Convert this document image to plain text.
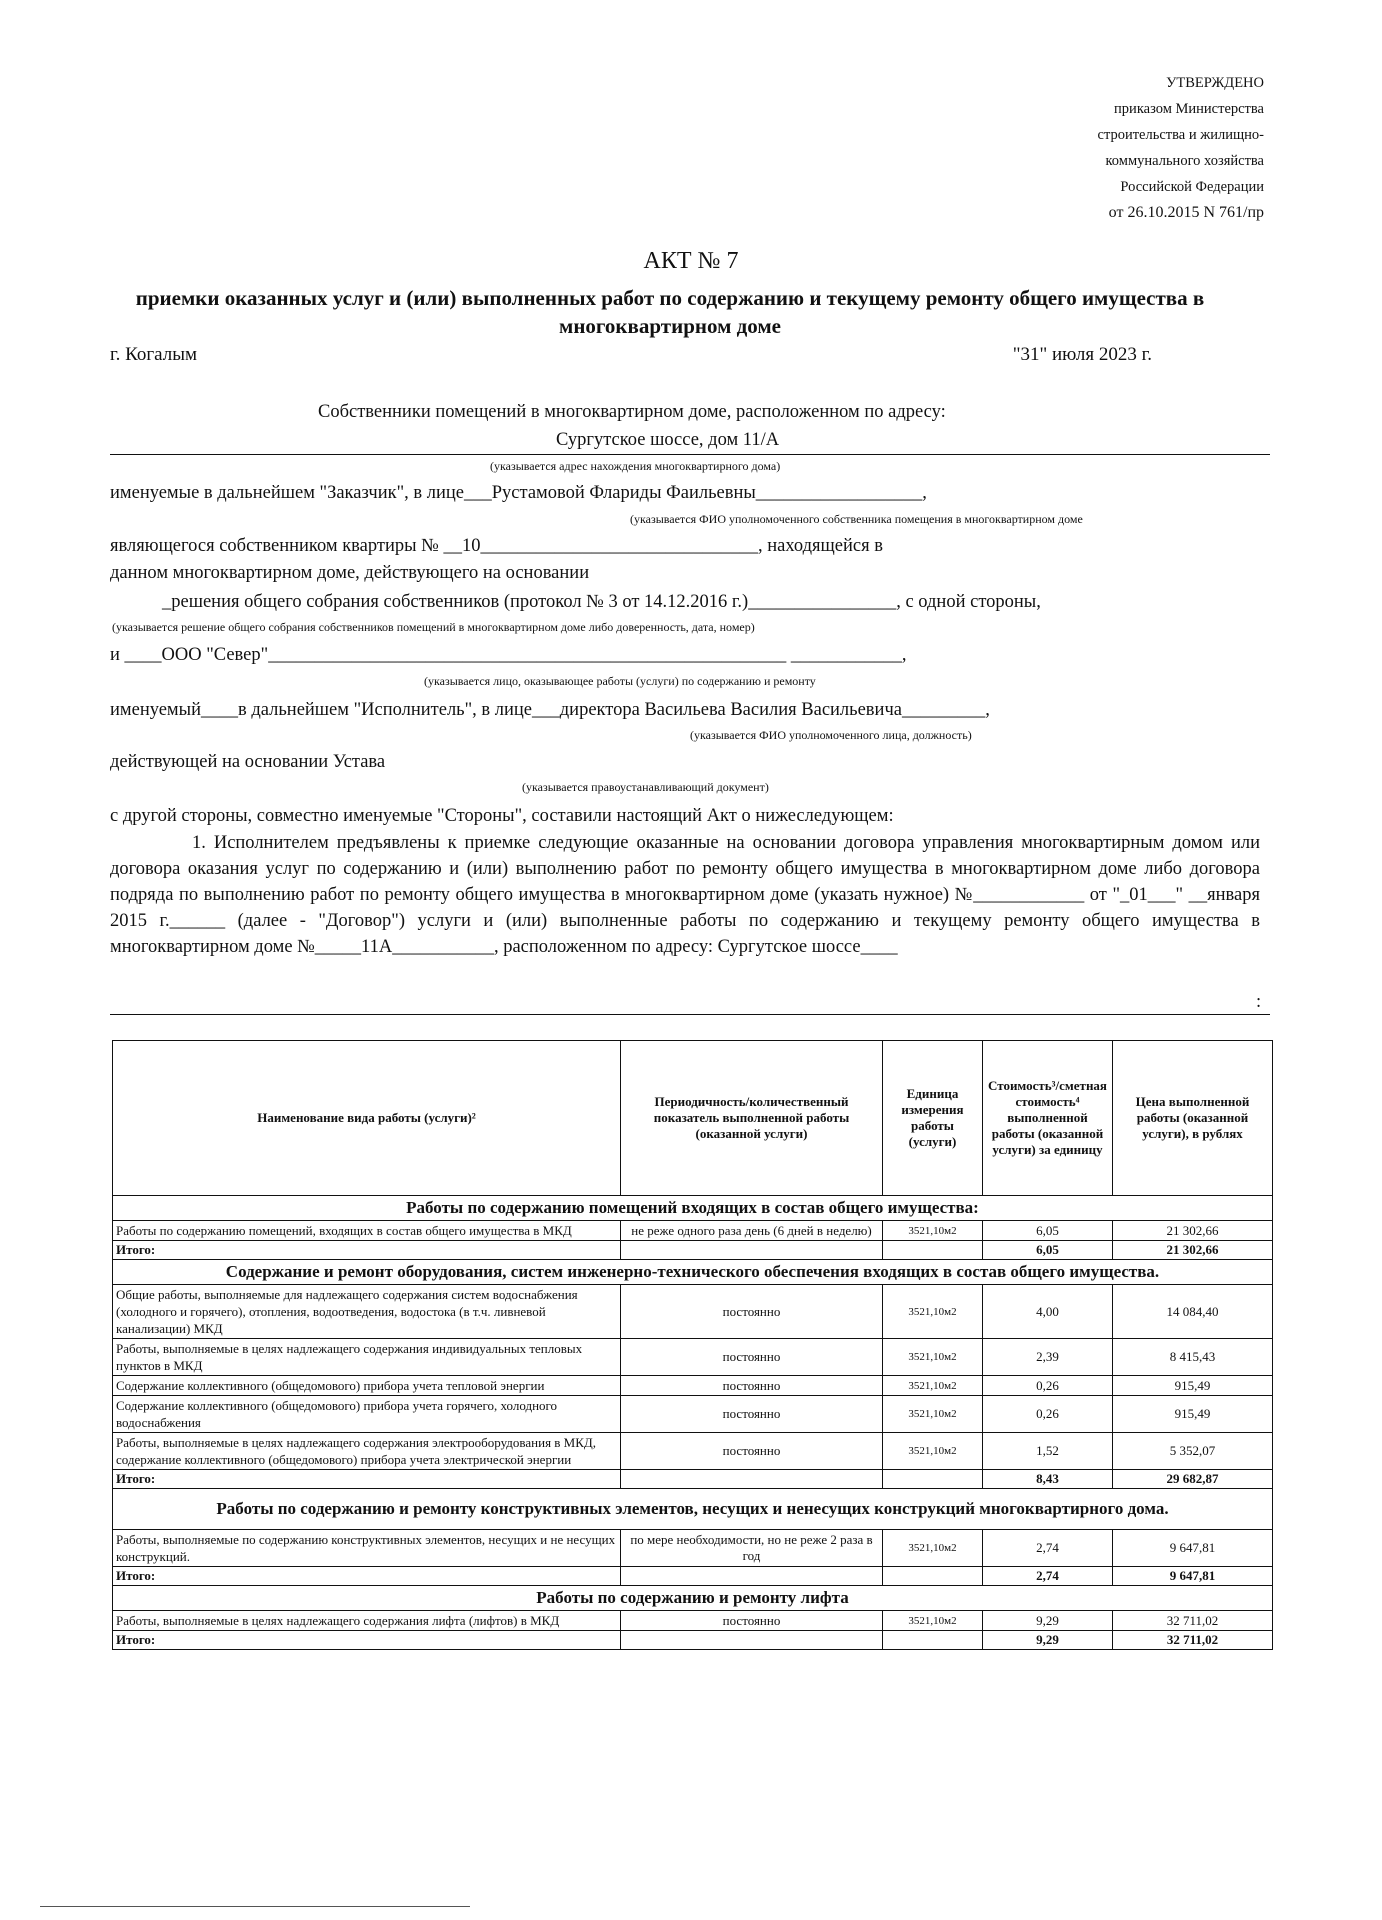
УТВЕРЖДЕНО
приказом Министерства
строительства и жилищно-
коммунального хозяйства
Российской Федерации
от 26.10.2015 N 761/пр
АКТ № 7
приемки оказанных услуг и (или) выполненных работ по содержанию и текущему ремонту общего имущества в многоквартирном доме
г. Когалым	"31" июля 2023 г.
Собственники помещений в многоквартирном доме, расположенном по адресу:
Сургутское шоссе, дом 11/А
(указывается адрес нахождения многоквартирного дома)
именуемые в дальнейшем "Заказчик", в лице___Рустамовой Флариды Фаильевны__________________,
(указывается ФИО уполномоченного собственника помещения в многоквартирном доме
являющегося собственником квартиры № __10______________________________, находящейся в
данном многоквартирном доме, действующего на основании
_решения общего собрания собственников (протокол № 3 от 14.12.2016 г.)________________, с одной стороны,
(указывается решение общего собрания собственников помещений в многоквартирном доме либо доверенность, дата, номер)
и ____ООО "Север"________________________________________________________ ____________,
(указывается лицо, оказывающее работы (услуги) по содержанию и ремонту
именуемый____в дальнейшем "Исполнитель", в лице___директора Васильева Василия Васильевича_________,
(указывается ФИО уполномоченного лица, должность)
действующей на основании Устава
(указывается правоустанавливающий документ)
с другой стороны, совместно именуемые "Стороны", составили настоящий Акт о нижеследующем:
1. Исполнителем предъявлены к приемке следующие оказанные на основании договора управления многоквартирным домом или договора оказания услуг по содержанию и (или) выполнению работ по ремонту общего имущества в многоквартирном доме либо договора подряда по выполнению работ по ремонту общего имущества в многоквартирном доме (указать нужное) №____________ от "_01___" __января 2015 г.______ (далее - "Договор") услуги и (или) выполненные работы по содержанию и текущему ремонту общего имущества в многоквартирном доме №_____11А___________, расположенном по адресу: Сургутское шоссе____
:
Наименование вида работы (услуги)²	Периодичность/количественный показатель выполненной работы (оказанной услуги)	Единица измерения работы (услуги)	Стоимость³/сметная стоимость⁴ выполненной работы (оказанной услуги) за единицу	Цена выполненной работы (оказанной услуги), в рублях
Работы по содержанию помещений входящих в состав общего имущества:				
Работы по содержанию помещений, входящих в состав общего имущества в МКД	не реже одного раза день (6 дней в неделю)	3521,10м2	6,05	21 302,66
Итого:			6,05	21 302,66
Содержание и ремонт оборудования, систем инженерно-технического обеспечения входящих в состав общего имущества.				
Общие работы, выполняемые для надлежащего содержания систем водоснабжения (холодного и горячего), отопления, водоотведения, водостока (в т.ч. ливневой канализации) МКД	постоянно	3521,10м2	4,00	14 084,40
Работы, выполняемые в целях надлежащего содержания индивидуальных тепловых пунктов в МКД	постоянно	3521,10м2	2,39	8 415,43
Содержание коллективного (общедомового) прибора учета тепловой энергии	постоянно	3521,10м2	0,26	915,49
Содержание коллективного (общедомового) прибора учета горячего, холодного водоснабжения	постоянно	3521,10м2	0,26	915,49
Работы, выполняемые в целях надлежащего содержания электрооборудования в МКД, содержание коллективного (общедомового) прибора учета электрической энергии	постоянно	3521,10м2	1,52	5 352,07
Итого:			8,43	29 682,87
Работы по содержанию и ремонту конструктивных элементов, несущих и ненесущих конструкций многоквартирного дома.				
Работы, выполняемые по содержанию конструктивных элементов, несущих и не несущих конструкций.	по мере необходимости, но не реже 2 раза в год	3521,10м2	2,74	9 647,81
Итого:			2,74	9 647,81
Работы по содержанию и ремонту лифта				
Работы, выполняемые в целях надлежащего содержания лифта (лифтов) в МКД	постоянно	3521,10м2	9,29	32 711,02
Итого:			9,29	32 711,02
